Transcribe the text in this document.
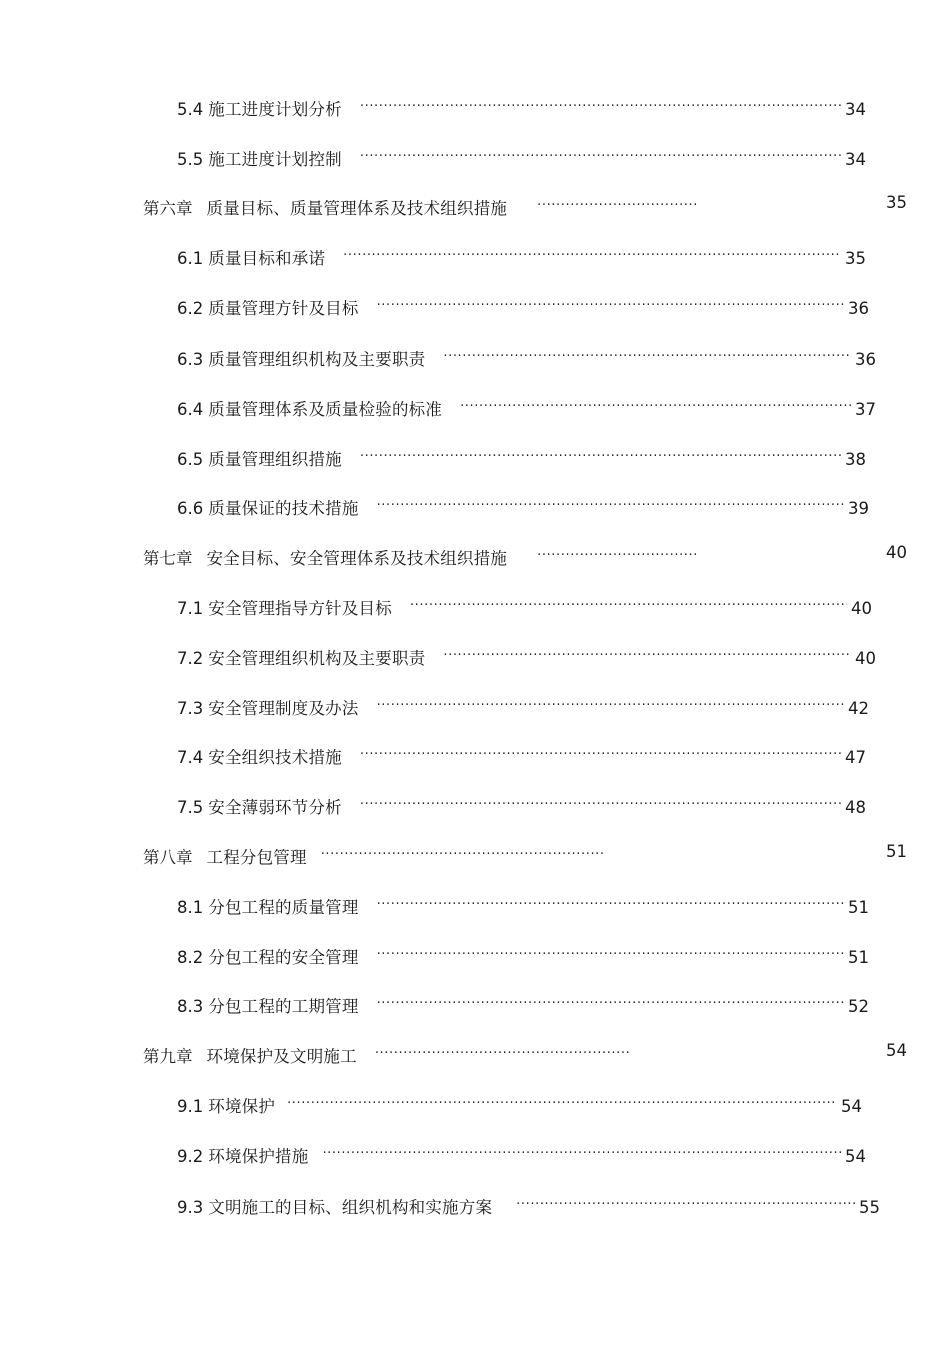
5.4 施工进度计划分析 .....	34
5.5 施工进度计划控制 .....	34
第六章 质量目标、质量管理体系及技术组织措施 .....	35
6.1 质量目标和承诺 .....	35
6.2 质量管理方针及目标 .....	36
6.3 质量管理组织机构及主要职责 .....	36
6.4 质量管理体系及质量检验的标准 .....	37
6.5 质量管理组织措施 .....	38
6.6 质量保证的技术措施 .....	39
第七章 安全目标、安全管理体系及技术组织措施 .....	40
7.1 安全管理指导方针及目标 .....	40
7.2 安全管理组织机构及主要职责 .....	40
7.3 安全管理制度及办法 .....	42
7.4 安全组织技术措施 .....	47
7.5 安全薄弱环节分析 .....	48
第八章 工程分包管理 .....	51
8.1 分包工程的质量管理 .....	51
8.2 分包工程的安全管理 .....	51
8.3 分包工程的工期管理 .....	52
第九章 环境保护及文明施工 .....	54
9.1 环境保护 .....	54
9.2 环境保护措施 .....	54
9.3 文明施工的目标、组织机构和实施方案 .....	55
